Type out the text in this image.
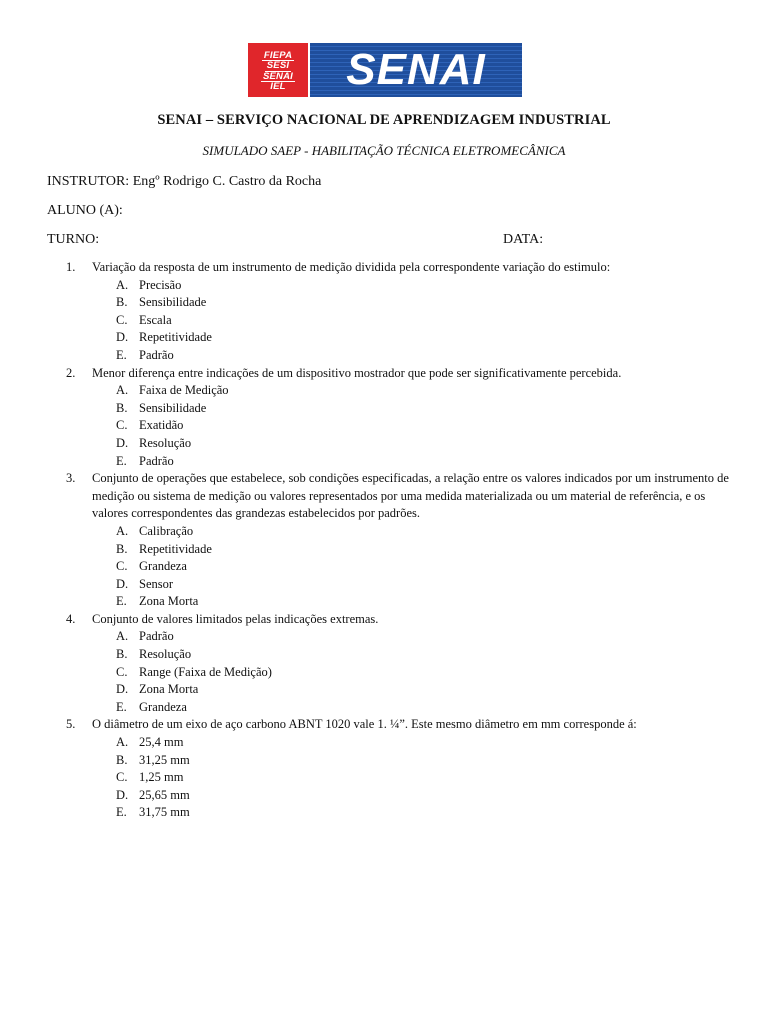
FIEPA
SESI
SENAI
IEL	SENAI
SENAI – SERVIÇO NACIONAL DE APRENDIZAGEM INDUSTRIAL
SIMULADO SAEP - HABILITAÇÃO TÉCNICA ELETROMECÂNICA
INSTRUTOR: Engº Rodrigo C. Castro da Rocha
ALUNO (A):
TURNO:	DATA:
1.	Variação da resposta de um instrumento de medição dividida pela correspondente variação do estimulo:
A. Precisão
B. Sensibilidade
C. Escala
D. Repetitividade
E. Padrão
2.	Menor diferença entre indicações de um dispositivo mostrador que pode ser significativamente percebida.
A. Faixa de Medição
B. Sensibilidade
C. Exatidão
D. Resolução
E. Padrão
3.	Conjunto de operações que estabelece, sob condições especificadas, a relação entre os valores indicados por um instrumento de medição ou sistema de medição ou valores representados por uma medida materializada ou um material de referência, e os valores correspondentes das grandezas estabelecidos por padrões.
A. Calibração
B. Repetitividade
C. Grandeza
D. Sensor
E. Zona Morta
4.	Conjunto de valores limitados pelas indicações extremas.
A. Padrão
B. Resolução
C. Range (Faixa de Medição)
D. Zona Morta
E. Grandeza
5.	O diâmetro de um eixo de aço carbono ABNT 1020 vale 1. ¼”. Este mesmo diâmetro em mm corresponde á:
A. 25,4 mm
B. 31,25 mm
C. 1,25 mm
D. 25,65 mm
E. 31,75 mm
